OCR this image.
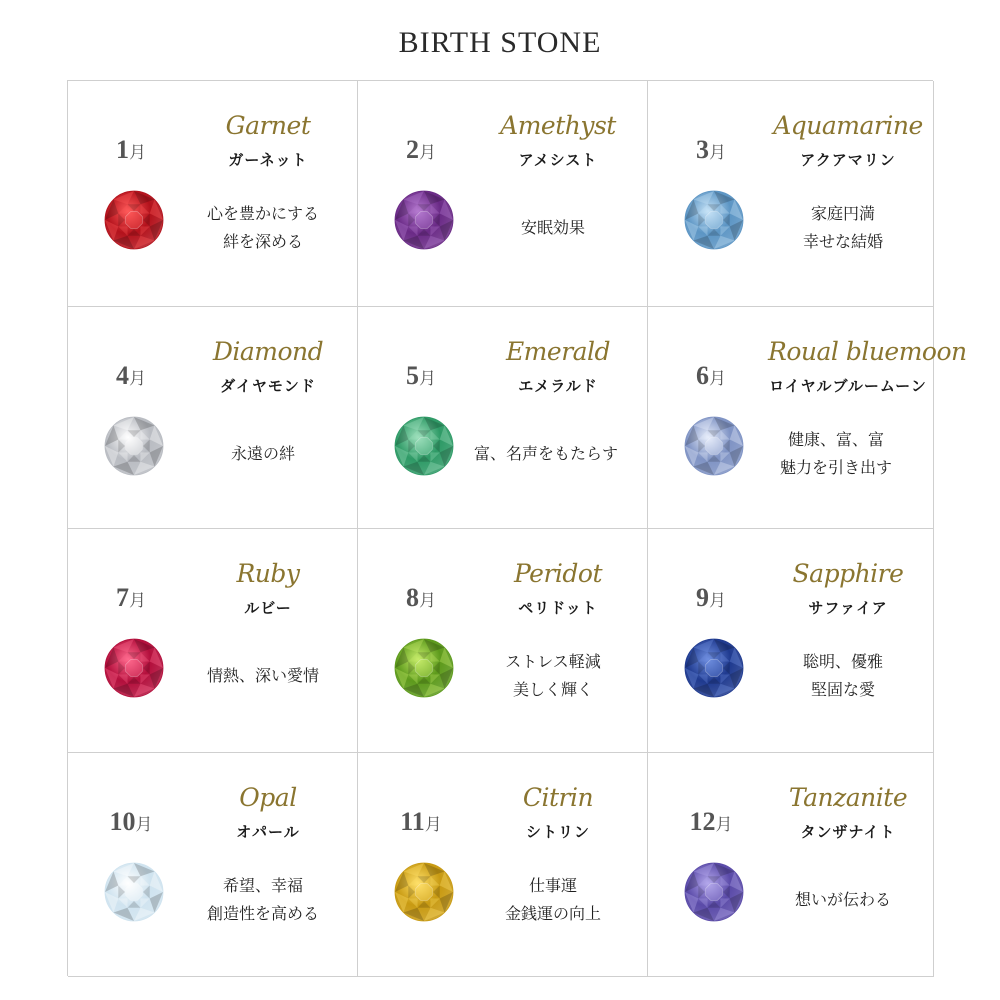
BIRTH STONE
1月
Garnet
ガーネット
心を豊かにする
絆を深める
2月
Amethyst
アメシスト
安眠効果
3月
Aquamarine
アクアマリン
家庭円満
幸せな結婚
4月
Diamond
ダイヤモンド
永遠の絆
5月
Emerald
エメラルド
富、名声をもたらす
6月
Roual bluemoon
ロイヤルブルームーン
健康、富、富
魅力を引き出す
7月
Ruby
ルビー
情熱、深い愛情
8月
Peridot
ペリドット
ストレス軽減
美しく輝く
9月
Sapphire
サファイア
聡明、優雅
堅固な愛
10月
Opal
オパール
希望、幸福
創造性を高める
11月
Citrin
シトリン
仕事運
金銭運の向上
12月
Tanzanite
タンザナイト
想いが伝わる
